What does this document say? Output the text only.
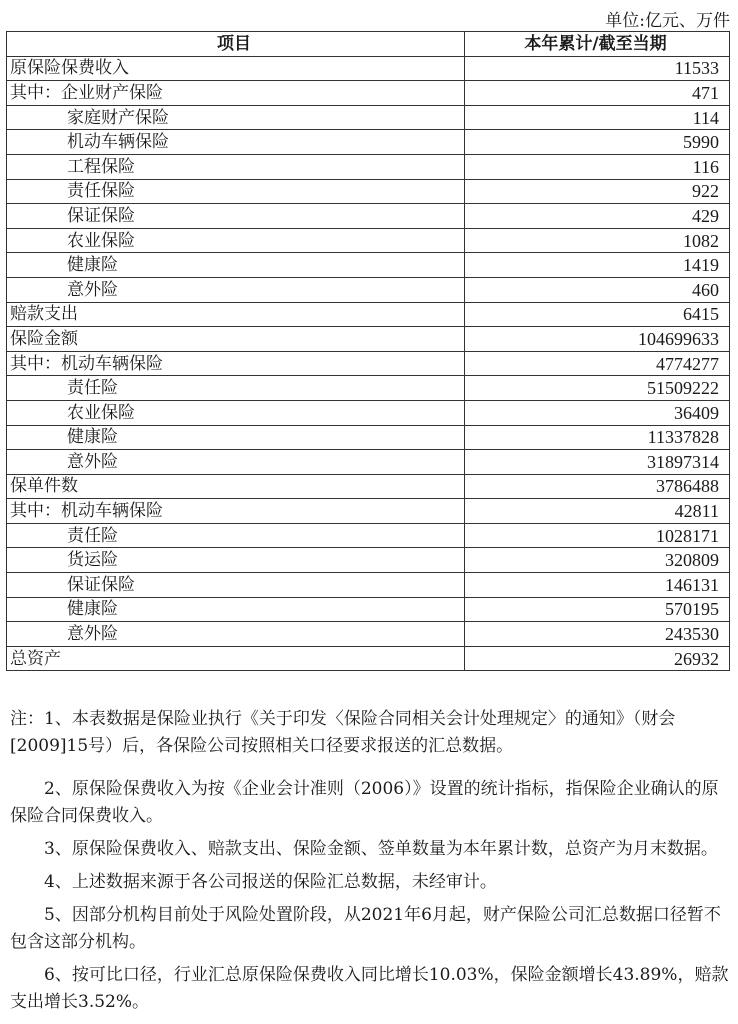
单位:亿元、万件
项目	本年累计/截至当期
原保险保费收入	11533
其中：企业财产保险	471
家庭财产保险	114
机动车辆保险	5990
工程保险	116
责任保险	922
保证保险	429
农业保险	1082
健康险	1419
意外险	460
赔款支出	6415
保险金额	104699633
其中：机动车辆保险	4774277
责任险	51509222
农业保险	36409
健康险	11337828
意外险	31897314
保单件数	3786488
其中：机动车辆保险	42811
责任险	1028171
货运险	320809
保证保险	146131
健康险	570195
意外险	243530
总资产	26932

注：1、本表数据是保险业执行《关于印发〈保险合同相关会计处理规定〉的通知》（财会[2009]15号）后，各保险公司按照相关口径要求报送的汇总数据。

2、原保险保费收入为按《企业会计准则（2006）》设置的统计指标，指保险企业确认的原保险合同保费收入。

3、原保险保费收入、赔款支出、保险金额、签单数量为本年累计数，总资产为月末数据。

4、上述数据来源于各公司报送的保险汇总数据，未经审计。

5、因部分机构目前处于风险处置阶段，从2021年6月起，财产保险公司汇总数据口径暂不包含这部分机构。

6、按可比口径，行业汇总原保险保费收入同比增长10.03%，保险金额增长43.89%，赔款支出增长3.52%。
